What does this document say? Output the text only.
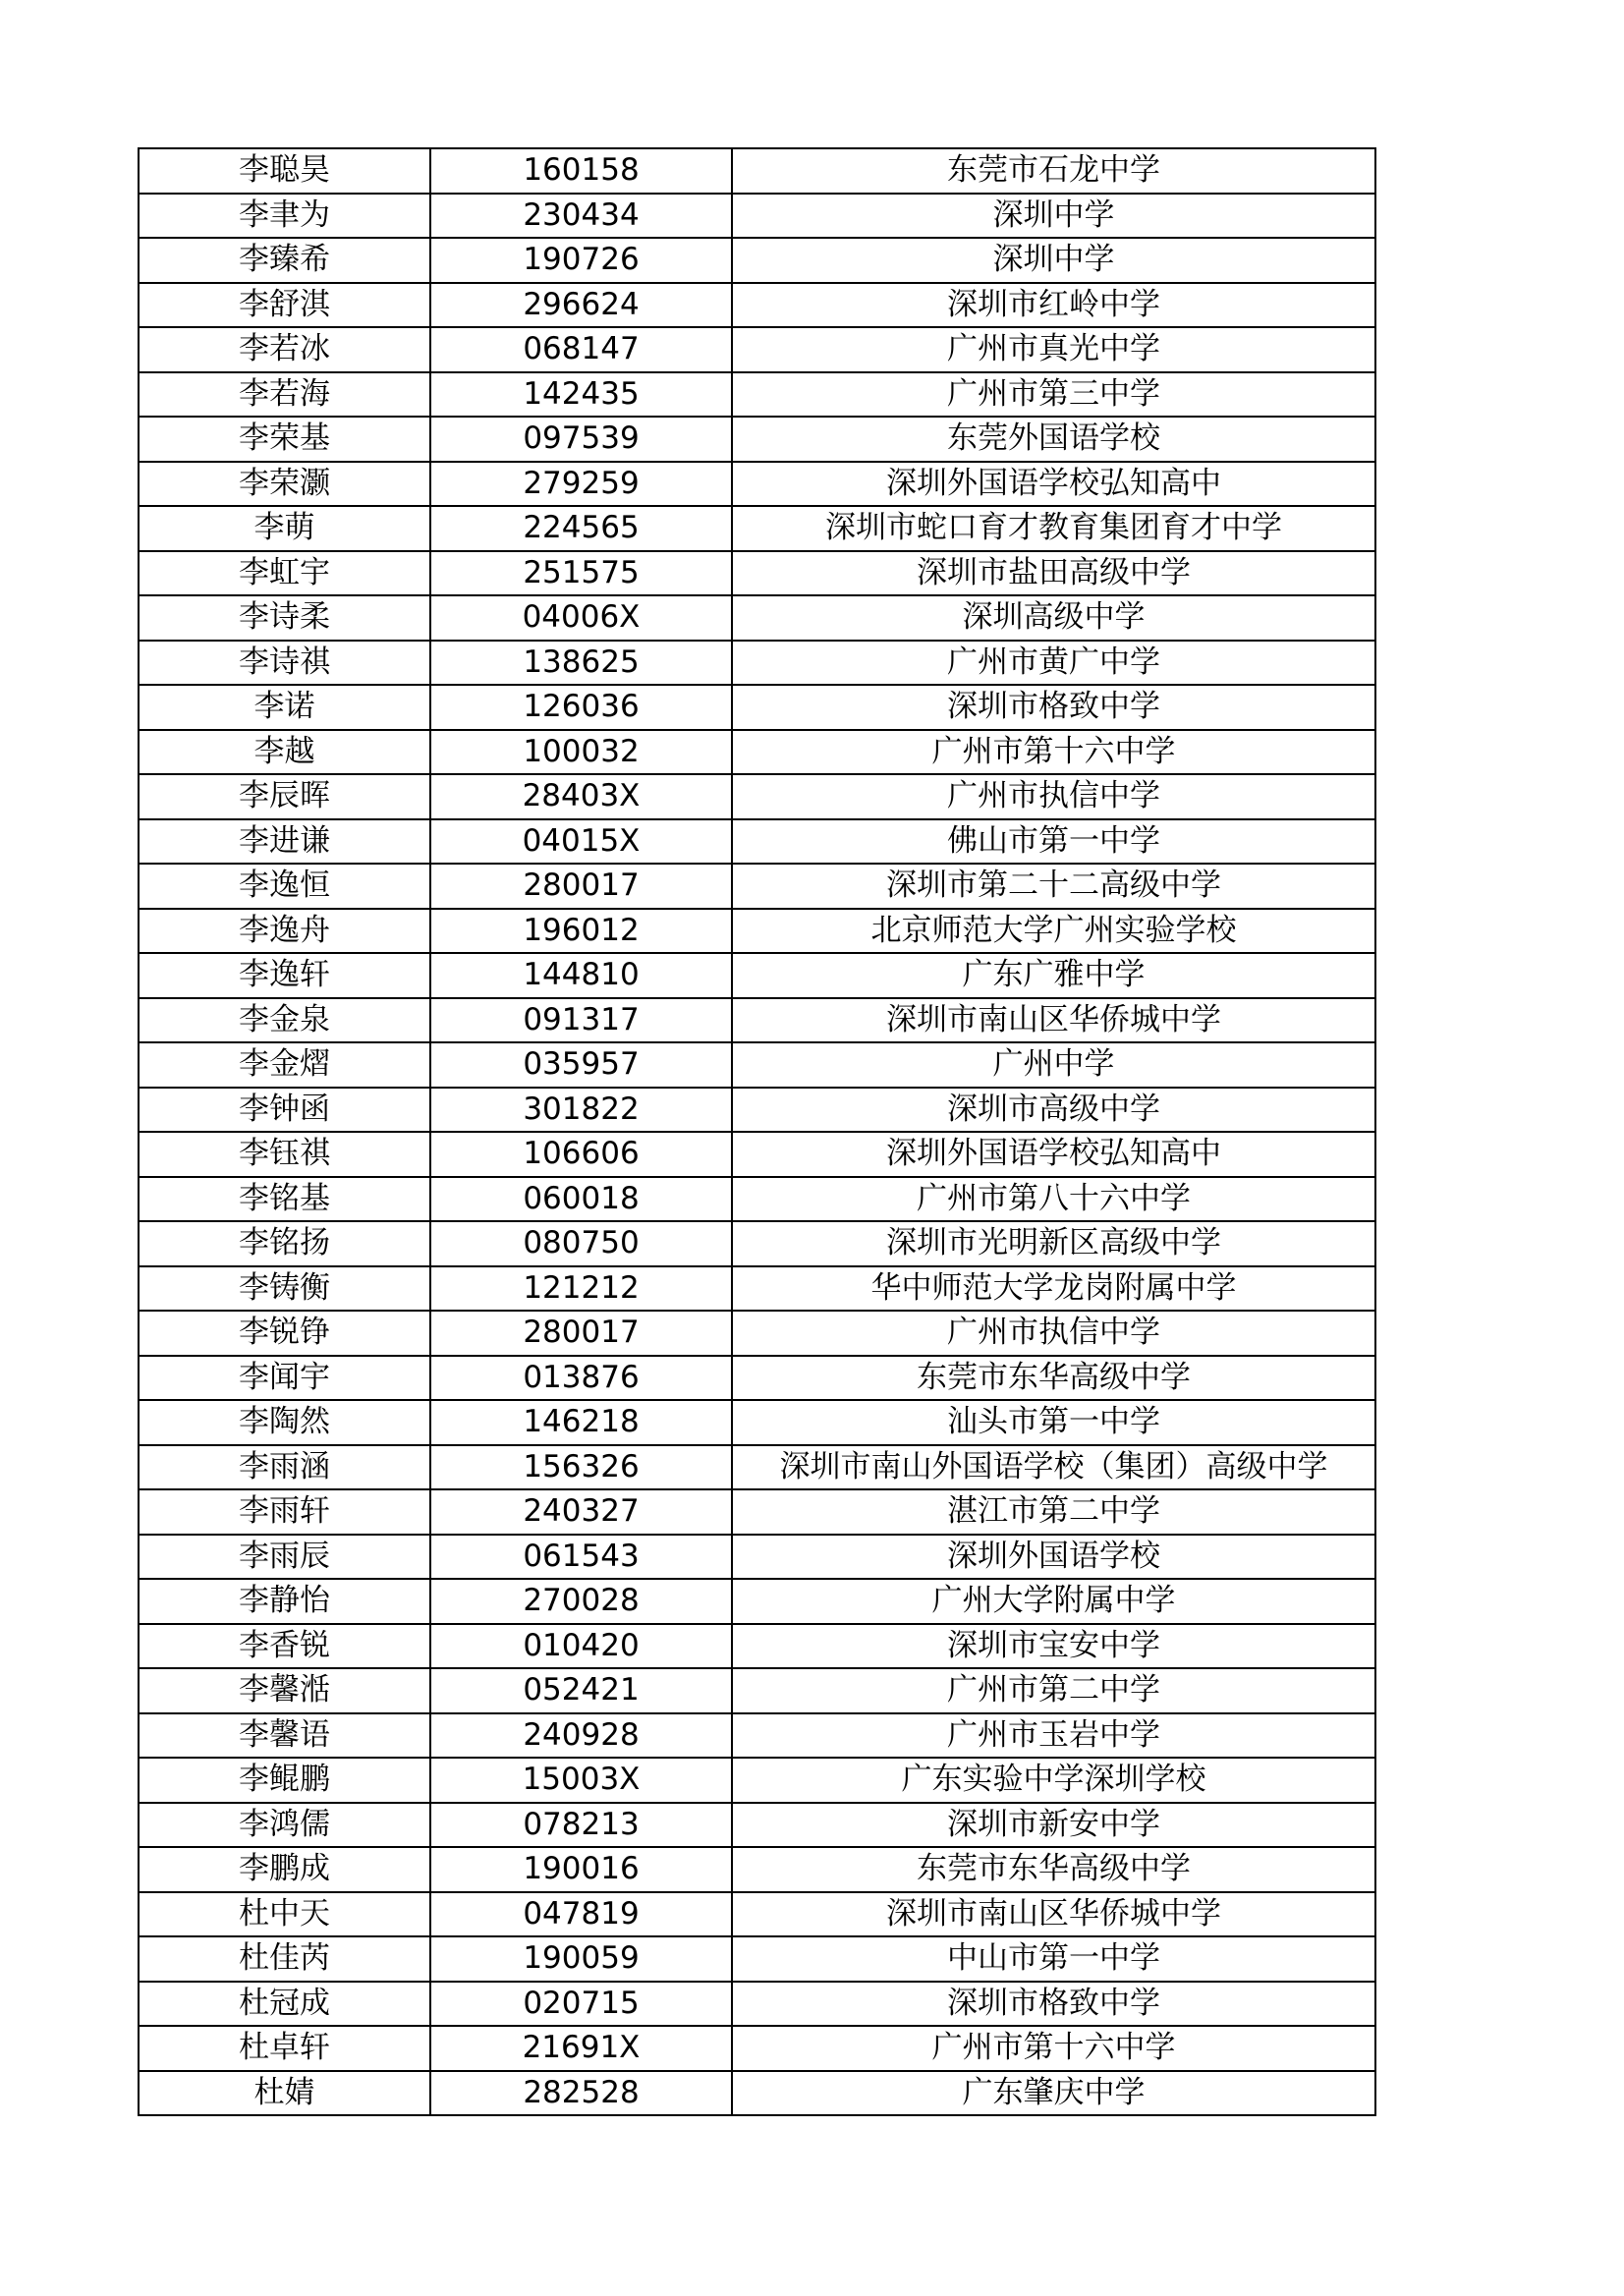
李聪昊	160158	东莞市石龙中学
李聿为	230434	深圳中学
李臻希	190726	深圳中学
李舒淇	296624	深圳市红岭中学
李若冰	068147	广州市真光中学
李若海	142435	广州市第三中学
李荣基	097539	东莞外国语学校
李荣灏	279259	深圳外国语学校弘知高中
李萌	224565	深圳市蛇口育才教育集团育才中学
李虹宇	251575	深圳市盐田高级中学
李诗柔	04006X	深圳高级中学
李诗祺	138625	广州市黄广中学
李诺	126036	深圳市格致中学
李越	100032	广州市第十六中学
李辰晖	28403X	广州市执信中学
李进谦	04015X	佛山市第一中学
李逸恒	280017	深圳市第二十二高级中学
李逸舟	196012	北京师范大学广州实验学校
李逸轩	144810	广东广雅中学
李金泉	091317	深圳市南山区华侨城中学
李金熠	035957	广州中学
李钟函	301822	深圳市高级中学
李钰祺	106606	深圳外国语学校弘知高中
李铭基	060018	广州市第八十六中学
李铭扬	080750	深圳市光明新区高级中学
李铸衡	121212	华中师范大学龙岗附属中学
李锐铮	280017	广州市执信中学
李闻宇	013876	东莞市东华高级中学
李陶然	146218	汕头市第一中学
李雨涵	156326	深圳市南山外国语学校（集团）高级中学
李雨轩	240327	湛江市第二中学
李雨辰	061543	深圳外国语学校
李静怡	270028	广州大学附属中学
李香锐	010420	深圳市宝安中学
李馨湉	052421	广州市第二中学
李馨语	240928	广州市玉岩中学
李鲲鹏	15003X	广东实验中学深圳学校
李鸿儒	078213	深圳市新安中学
李鹏成	190016	东莞市东华高级中学
杜中天	047819	深圳市南山区华侨城中学
杜佳芮	190059	中山市第一中学
杜冠成	020715	深圳市格致中学
杜卓轩	21691X	广州市第十六中学
杜婧	282528	广东肇庆中学
